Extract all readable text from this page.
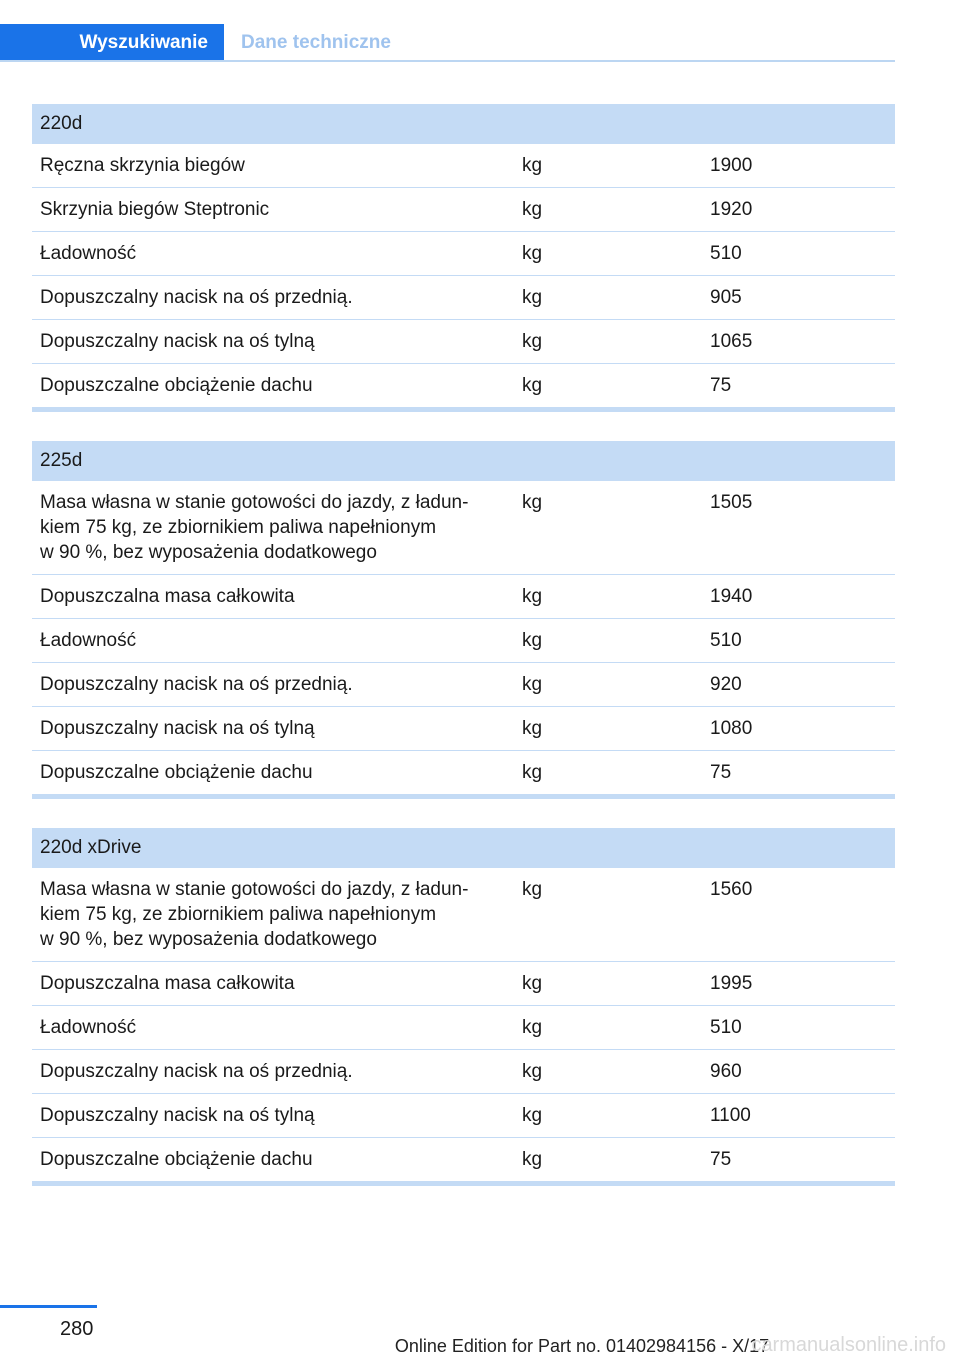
Wyszukiwanie	Dane techniczne
220d		
Ręczna skrzynia biegów	kg	1900
Skrzynia biegów Steptronic	kg	1920
Ładowność	kg	510
Dopuszczalny nacisk na oś przednią.	kg	905
Dopuszczalny nacisk na oś tylną	kg	1065
Dopuszczalne obciążenie dachu	kg	75
225d		
Masa własna w stanie gotowości do jazdy, z ładun-
kiem 75 kg, ze zbiornikiem paliwa napełnionym
w 90 %, bez wyposażenia dodatkowego	kg	1505
Dopuszczalna masa całkowita	kg	1940
Ładowność	kg	510
Dopuszczalny nacisk na oś przednią.	kg	920
Dopuszczalny nacisk na oś tylną	kg	1080
Dopuszczalne obciążenie dachu	kg	75
220d xDrive		
Masa własna w stanie gotowości do jazdy, z ładun-
kiem 75 kg, ze zbiornikiem paliwa napełnionym
w 90 %, bez wyposażenia dodatkowego	kg	1560
Dopuszczalna masa całkowita	kg	1995
Ładowność	kg	510
Dopuszczalny nacisk na oś przednią.	kg	960
Dopuszczalny nacisk na oś tylną	kg	1100
Dopuszczalne obciążenie dachu	kg	75
280
Online Edition for Part no. 01402984156 - X/17
carmanualsonline.info
